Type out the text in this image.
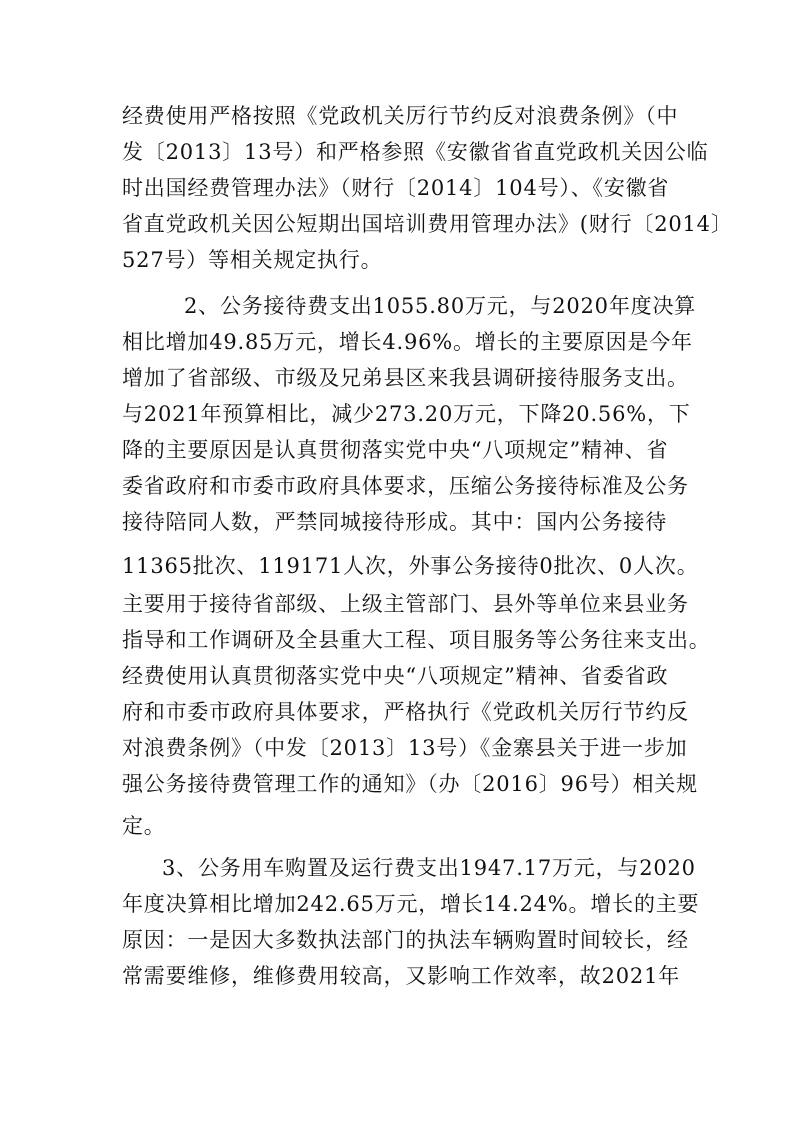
经费使用严格按照《党政机关厉行节约反对浪费条例》（中
发〔2013〕13号）和严格参照《安徽省省直党政机关因公临
时出国经费管理办法》（财行〔2014〕104号）、《安徽省
省直党政机关因公短期出国培训费用管理办法》(财行〔2014〕
527号）等相关规定执行。
2、公务接待费支出1055.80万元，与2020年度决算
相比增加49.85万元，增长4.96%。增长的主要原因是今年
增加了省部级、市级及兄弟县区来我县调研接待服务支出。
与2021年预算相比，减少273.20万元，下降20.56%，下
降的主要原因是认真贯彻落实党中央“八项规定”精神、省
委省政府和市委市政府具体要求，压缩公务接待标准及公务
接待陪同人数，严禁同城接待形成。其中：国内公务接待
11365批次、119171人次，外事公务接待0批次、0人次。
主要用于接待省部级、上级主管部门、县外等单位来县业务
指导和工作调研及全县重大工程、项目服务等公务往来支出。
经费使用认真贯彻落实党中央“八项规定”精神、省委省政
府和市委市政府具体要求，严格执行《党政机关厉行节约反
对浪费条例》（中发〔2013〕13号）《金寨县关于进一步加
强公务接待费管理工作的通知》（办〔2016〕96号）相关规
定。
3、公务用车购置及运行费支出1947.17万元，与2020
年度决算相比增加242.65万元，增长14.24%。增长的主要
原因：一是因大多数执法部门的执法车辆购置时间较长，经
常需要维修，维修费用较高，又影响工作效率，故2021年
